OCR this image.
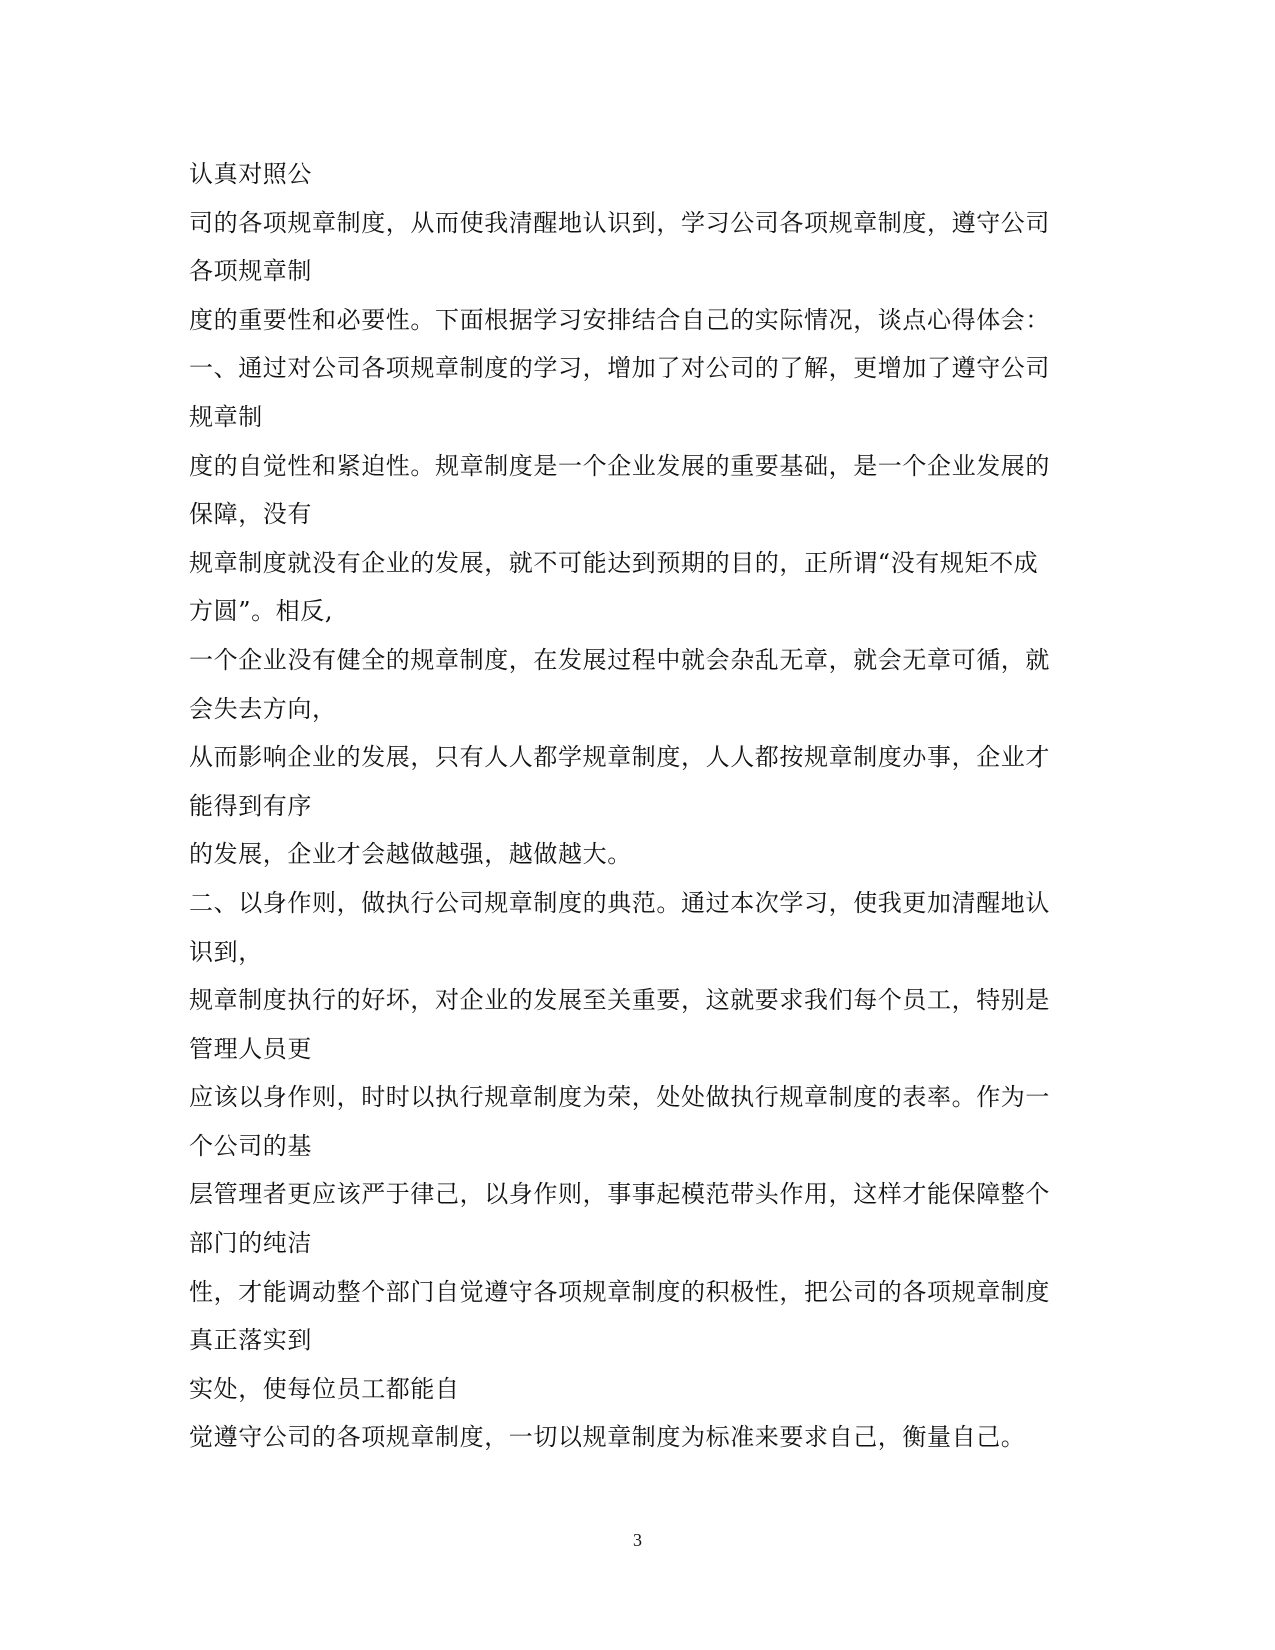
认真对照公
司的各项规章制度，从而使我清醒地认识到，学习公司各项规章制度，遵守公司
各项规章制
度的重要性和必要性。下面根据学习安排结合自己的实际情况，谈点心得体会：
一、通过对公司各项规章制度的学习，增加了对公司的了解，更增加了遵守公司
规章制
度的自觉性和紧迫性。规章制度是一个企业发展的重要基础，是一个企业发展的
保障，没有
规章制度就没有企业的发展，就不可能达到预期的目的，正所谓“没有规矩不成
方圆”。相反,
一个企业没有健全的规章制度，在发展过程中就会杂乱无章，就会无章可循，就
会失去方向，
从而影响企业的发展，只有人人都学规章制度，人人都按规章制度办事，企业才
能得到有序
的发展，企业才会越做越强，越做越大。
二、以身作则，做执行公司规章制度的典范。通过本次学习，使我更加清醒地认
识到，
规章制度执行的好坏，对企业的发展至关重要，这就要求我们每个员工，特别是
管理人员更
应该以身作则，时时以执行规章制度为荣，处处做执行规章制度的表率。作为一
个公司的基
层管理者更应该严于律己，以身作则，事事起模范带头作用，这样才能保障整个
部门的纯洁
性，才能调动整个部门自觉遵守各项规章制度的积极性，把公司的各项规章制度
真正落实到
实处，使每位员工都能自
觉遵守公司的各项规章制度，一切以规章制度为标准来要求自己，衡量自己。
3
